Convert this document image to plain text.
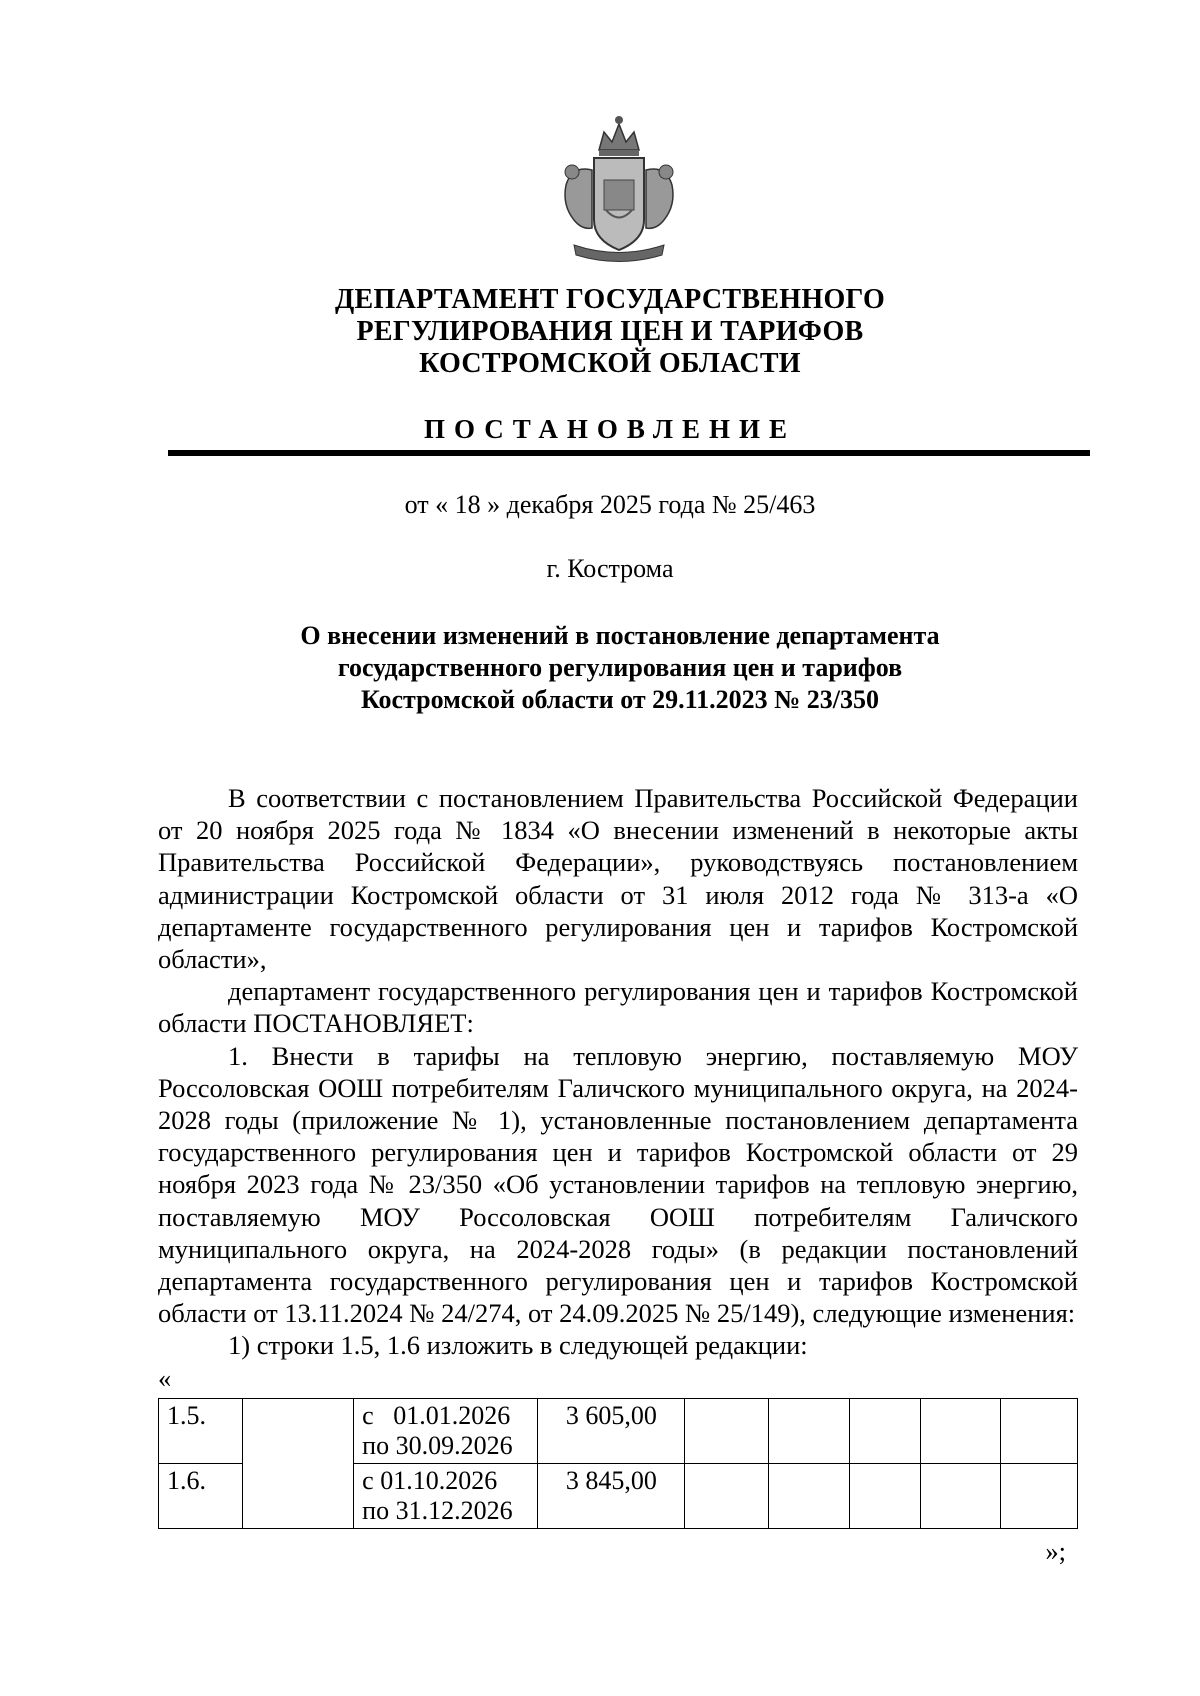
ДЕПАРТАМЕНТ ГОСУДАРСТВЕННОГО
РЕГУЛИРОВАНИЯ ЦЕН И ТАРИФОВ
КОСТРОМСКОЙ ОБЛАСТИ
ПОСТАНОВЛЕНИЕ
от « 18 » декабря 2025 года № 25/463
г. Кострома
О внесении изменений в постановление департамента
государственного регулирования цен и тарифов
Костромской области от 29.11.2023 № 23/350

В соответствии с постановлением Правительства Российской Федерации от 20 ноября 2025 года № 1834 «О внесении изменений в некоторые акты Правительства Российской Федерации», руководствуясь постановлением администрации Костромской области от 31 июля 2012 года № 313-а «О департаменте государственного регулирования цен и тарифов Костромской области»,

департамент государственного регулирования цен и тарифов Костромской области ПОСТАНОВЛЯЕТ:

1. Внести в тарифы на тепловую энергию, поставляемую МОУ Россоловская ООШ потребителям Галичского муниципального округа, на 2024-2028 годы (приложение № 1), установленные постановлением департамента государственного регулирования цен и тарифов Костромской области от 29 ноября 2023 года № 23/350 «Об установлении тарифов на тепловую энергию, поставляемую МОУ Россоловская ООШ потребителям Галичского муниципального округа, на 2024-2028 годы» (в редакции постановлений департамента государственного регулирования цен и тарифов Костромской области от 13.11.2024 № 24/274, от 24.09.2025 № 25/149), следующие изменения:

1) строки 1.5, 1.6 изложить в следующей редакции:

«

1.5.		с   01.01.2026
по 30.09.2026	3 605,00					
1.6.		с 01.10.2026
по 31.12.2026	3 845,00					
»;
